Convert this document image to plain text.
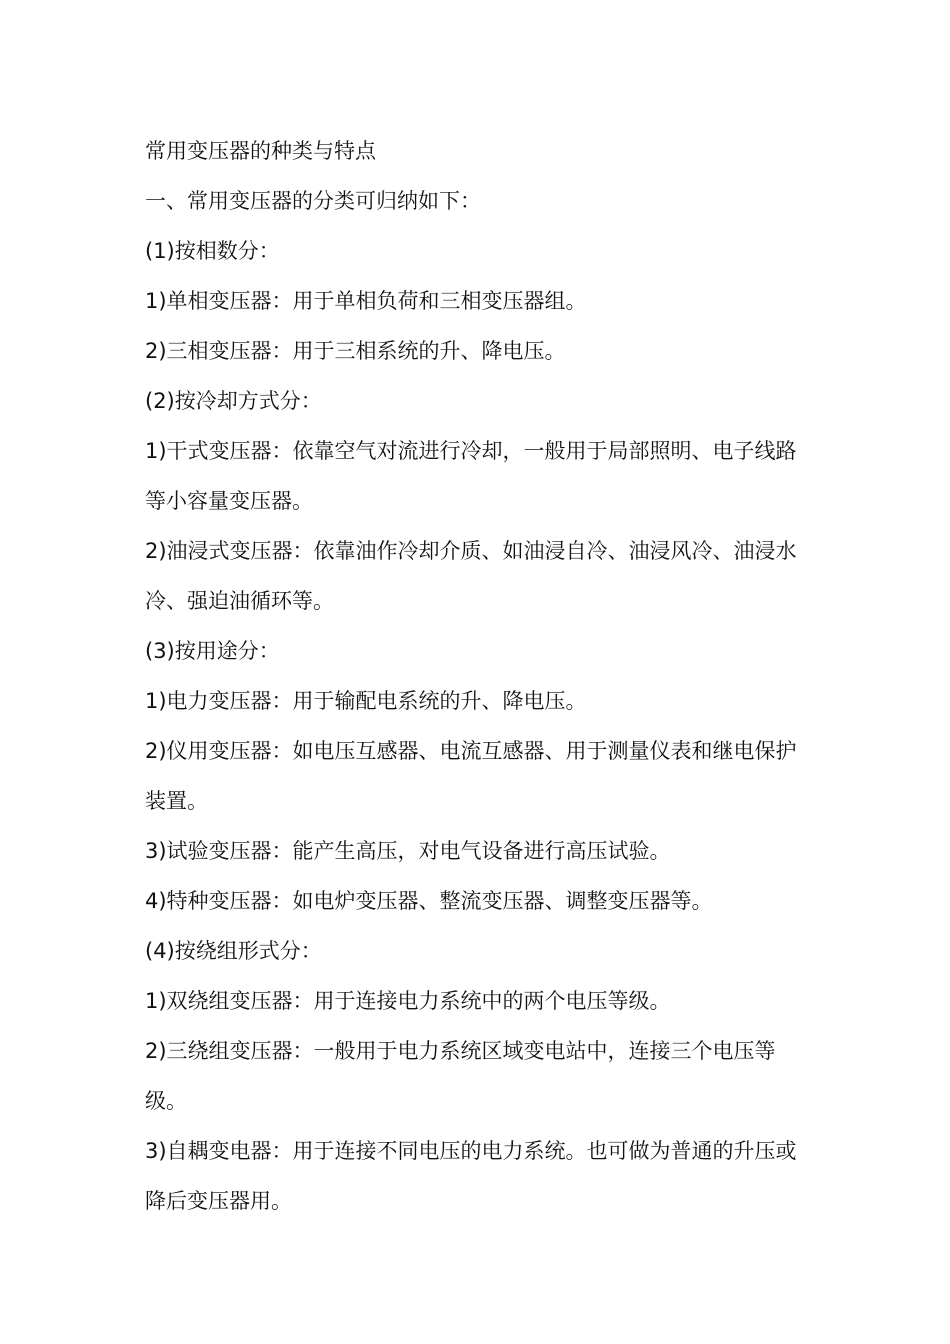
常用变压器的种类与特点

一、常用变压器的分类可归纳如下：

(1)按相数分：

1)单相变压器：用于单相负荷和三相变压器组。

2)三相变压器：用于三相系统的升、降电压。

(2)按冷却方式分：

1)干式变压器：依靠空气对流进行冷却，一般用于局部照明、电子线路等小容量变压器。

2)油浸式变压器：依靠油作冷却介质、如油浸自冷、油浸风冷、油浸水冷、强迫油循环等。

(3)按用途分：

1)电力变压器：用于输配电系统的升、降电压。

2)仪用变压器：如电压互感器、电流互感器、用于测量仪表和继电保护装置。

3)试验变压器：能产生高压，对电气设备进行高压试验。

4)特种变压器：如电炉变压器、整流变压器、调整变压器等。

(4)按绕组形式分：

1)双绕组变压器：用于连接电力系统中的两个电压等级。

2)三绕组变压器：一般用于电力系统区域变电站中，连接三个电压等级。

3)自耦变电器：用于连接不同电压的电力系统。也可做为普通的升压或降后变压器用。
